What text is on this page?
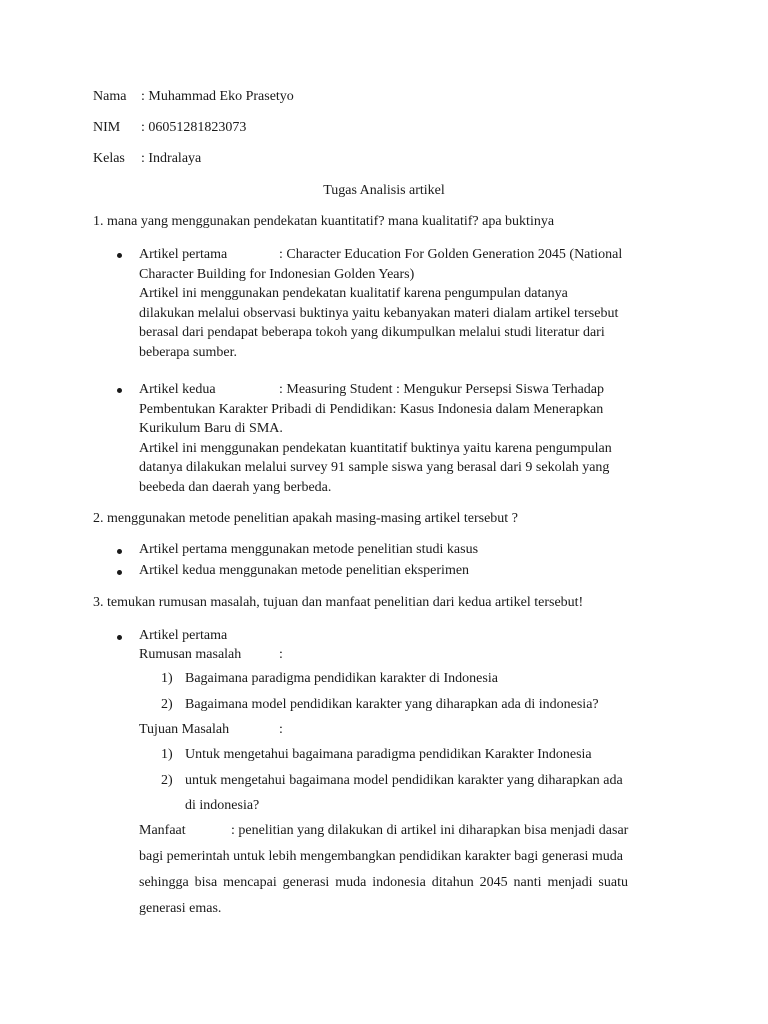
Nama : Muhammad Eko Prasetyo
NIM : 06051281823073
Kelas : Indralaya
Tugas Analisis artikel
1. mana yang menggunakan pendekatan kuantitatif? mana kualitatif? apa buktinya
Artikel pertama	: Character Education For Golden Generation 2045 (National
Character Building for Indonesian Golden Years)
Artikel ini menggunakan pendekatan kualitatif karena pengumpulan datanya
dilakukan melalui observasi buktinya yaitu kebanyakan materi dialam artikel tersebut
berasal dari pendapat beberapa tokoh yang dikumpulkan melalui studi literatur dari
beberapa sumber.
Artikel kedua	: Measuring Student : Mengukur Persepsi Siswa Terhadap
Pembentukan Karakter Pribadi di Pendidikan: Kasus Indonesia dalam Menerapkan
Kurikulum Baru di SMA.
Artikel ini menggunakan pendekatan kuantitatif buktinya yaitu karena pengumpulan
datanya dilakukan melalui survey 91 sample siswa yang berasal dari 9 sekolah yang
beebeda dan daerah yang berbeda.
2. menggunakan metode penelitian apakah masing-masing artikel tersebut ?
Artikel pertama menggunakan metode penelitian studi kasus
Artikel kedua menggunakan metode penelitian eksperimen
3. temukan rumusan masalah, tujuan dan manfaat penelitian dari kedua artikel tersebut!
Artikel pertama
Rumusan masalah	:
1) Bagaimana paradigma pendidikan karakter di Indonesia
2) Bagaimana model pendidikan karakter yang diharapkan ada di indonesia?
Tujuan Masalah	:
1) Untuk mengetahui bagaimana paradigma pendidikan Karakter Indonesia
2) untuk mengetahui bagaimana model pendidikan karakter yang diharapkan ada
di indonesia?
Manfaat	: penelitian yang dilakukan di artikel ini diharapkan bisa menjadi dasar
bagi pemerintah untuk lebih mengembangkan pendidikan karakter bagi generasi muda
sehingga bisa mencapai generasi muda indonesia ditahun 2045 nanti menjadi suatu
generasi emas.
